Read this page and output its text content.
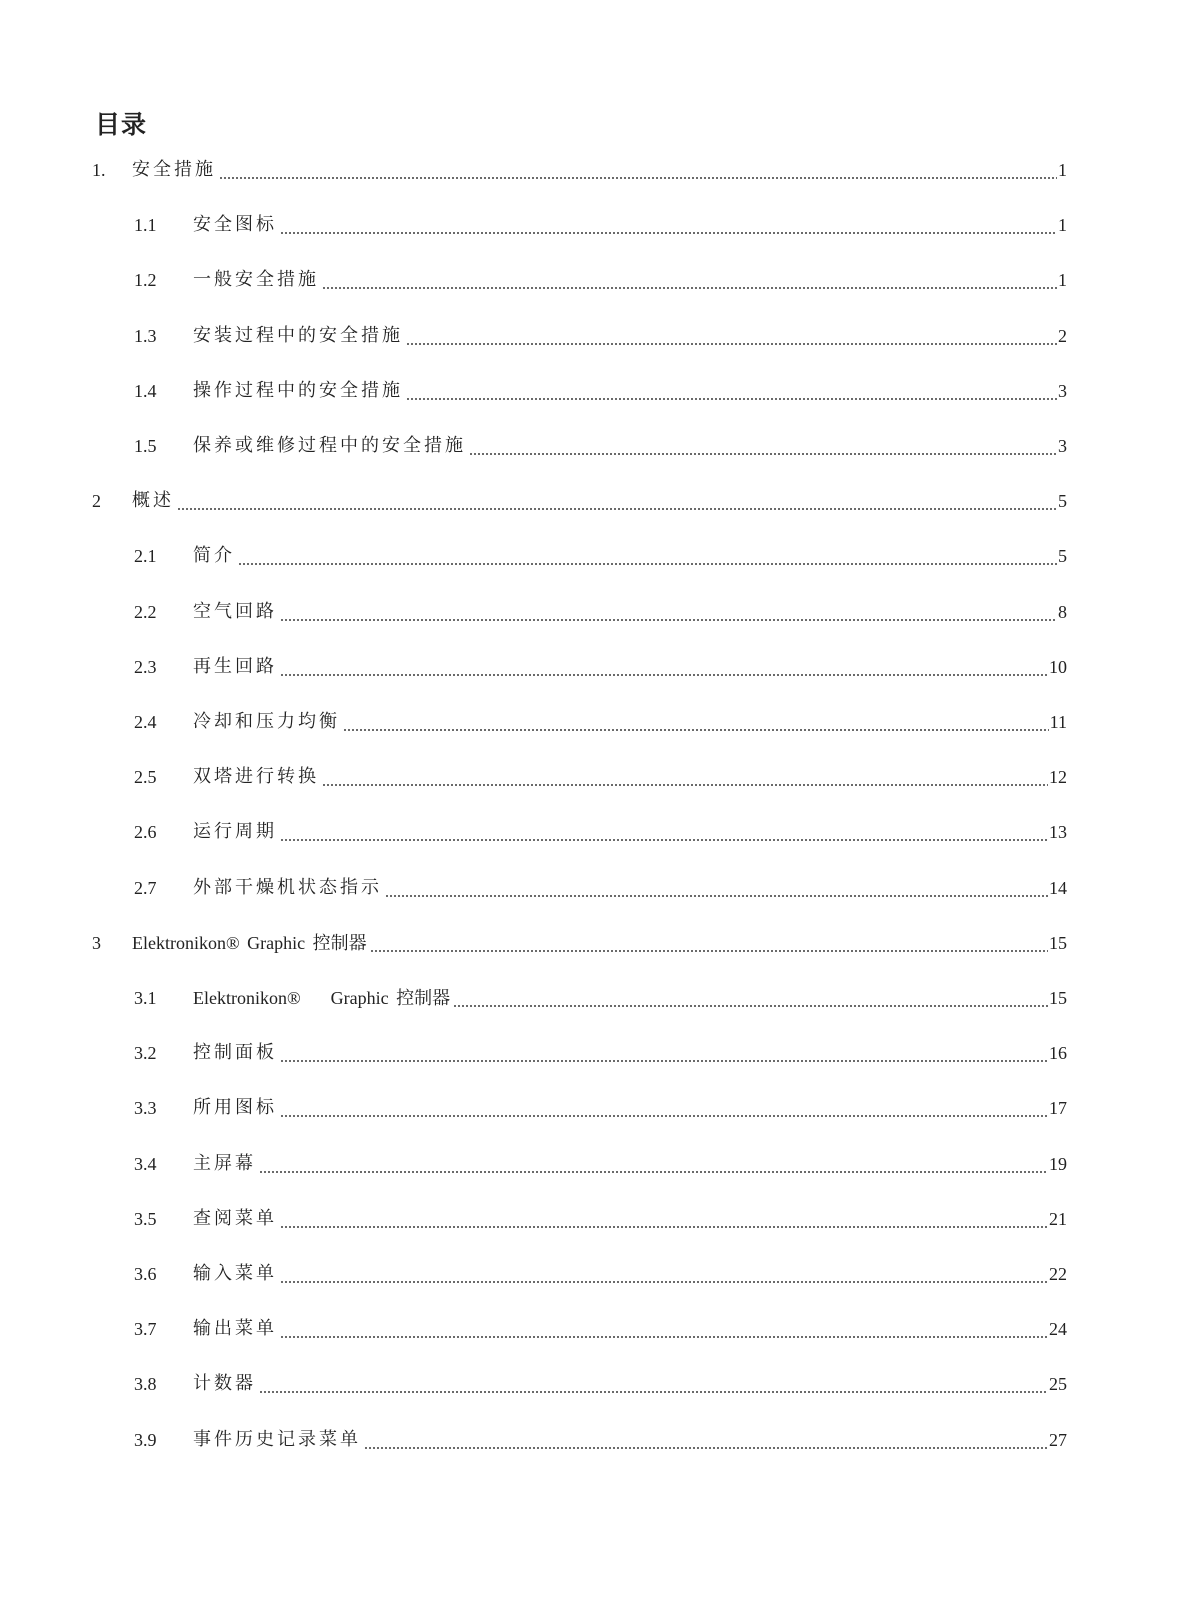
目录
1. 安全措施	1
1.1 安全图标	1
1.2 一般安全措施	1
1.3 安装过程中的安全措施	2
1.4 操作过程中的安全措施	3
1.5 保养或维修过程中的安全措施	3
2 概述	5
2.1 简介	5
2.2 空气回路	8
2.3 再生回路	10
2.4 冷却和压力均衡	11
2.5 双塔进行转换	12
2.6 运行周期	13
2.7 外部干燥机状态指示	14
3 Elektronikon® Graphic 控制器	15
3.1 Elektronikon®    Graphic 控制器	15
3.2 控制面板	16
3.3 所用图标	17
3.4 主屏幕	19
3.5 查阅菜单	21
3.6 输入菜单	22
3.7 输出菜单	24
3.8 计数器	25
3.9 事件历史记录菜单	27
